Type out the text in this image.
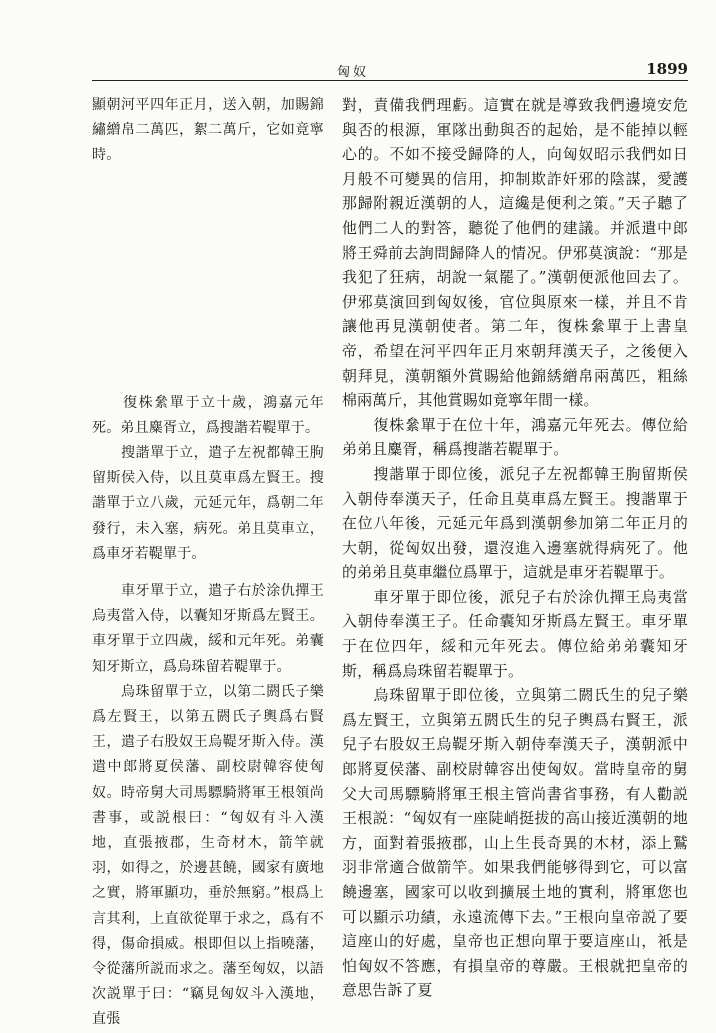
匈奴	1899

顯朝河平四年正月，送入朝，加賜錦繡繒帛二萬匹，絮二萬斤，它如竟寧時。

　　復株絫單于立十歲，鴻嘉元年死。弟且麋胥立，爲搜諧若鞮單于。

　　搜諧單于立，遣子左祝都韓王朐留斯侯入侍，以且莫車爲左賢王。搜諧單于立八歲，元延元年，爲朝二年發行，未入塞，病死。弟且莫車立，爲車牙若鞮單于。

　　車牙單于立，遣子右於涂仇撣王烏夷當入侍，以囊知牙斯爲左賢王。車牙單于立四歲，綏和元年死。弟囊知牙斯立，爲烏珠留若鞮單于。

　　烏珠留單于立，以第二閼氏子樂爲左賢王，以第五閼氏子輿爲右賢王，遣子右股奴王烏鞮牙斯入侍。漢遣中郎將夏侯藩、副校尉韓容使匈奴。時帝舅大司馬驃騎將軍王根領尚書事，或説根曰：“匈奴有斗入漢地，直張掖郡，生奇材木，箭竿就羽，如得之，於邊甚饒，國家有廣地之實，將軍顯功，垂於無窮。”根爲上言其利，上直欲從單于求之，爲有不得，傷命損威。根即但以上指曉藩，令從藩所説而求之。藩至匈奴，以語次説單于曰：“竊見匈奴斗入漢地，直張

對，責備我們理虧。這實在就是導致我們邊境安危與否的根源，軍隊出動與否的起始，是不能掉以輕心的。不如不接受歸降的人，向匈奴昭示我們如日月般不可變異的信用，抑制欺詐奸邪的陰謀，愛護那歸附親近漢朝的人，這纔是便利之策。”天子聽了他們二人的對答，聽從了他們的建議。并派遣中郎將王舜前去詢問歸降人的情况。伊邪莫演說：“那是我犯了狂病，胡說一氣罷了。”漢朝便派他回去了。伊邪莫演回到匈奴後，官位與原來一樣，并且不肯讓他再見漢朝使者。第二年，復株絫單于上書皇帝，希望在河平四年正月來朝拜漢天子，之後便入朝拜見，漢朝額外賞賜給他錦綉繒帛兩萬匹，粗絲棉兩萬斤，其他賞賜如竟寧年間一樣。

　　復株絫單于在位十年，鴻嘉元年死去。傳位給弟弟且麋胥，稱爲搜諧若鞮單于。

　　搜諧單于即位後，派兒子左祝都韓王朐留斯侯入朝侍奉漢天子，任命且莫車爲左賢王。搜諧單于在位八年後，元延元年爲到漢朝參加第二年正月的大朝，從匈奴出發，還沒進入邊塞就得病死了。他的弟弟且莫車繼位爲單于，這就是車牙若鞮單于。

　　車牙單于即位後，派兒子右於涂仇撣王烏夷當入朝侍奉漢王子。任命囊知牙斯爲左賢王。車牙單于在位四年，綏和元年死去。傳位給弟弟囊知牙斯，稱爲烏珠留若鞮單于。

　　烏珠留單于即位後，立與第二閼氏生的兒子樂爲左賢王，立與第五閼氏生的兒子輿爲右賢王，派兒子右股奴王烏鞮牙斯入朝侍奉漢天子，漢朝派中郎將夏侯藩、副校尉韓容出使匈奴。當時皇帝的舅父大司馬驃騎將軍王根主管尚書省事務，有人勸説王根説：“匈奴有一座陡峭挺拔的高山接近漢朝的地方，面對着張掖郡，山上生長奇異的木材，添上鷲羽非常適合做箭竿。如果我們能够得到它，可以富饒邊塞，國家可以收到擴展土地的實利，將軍您也可以顯示功績，永遠流傳下去。”王根向皇帝説了要這座山的好處，皇帝也正想向單于要這座山，衹是怕匈奴不答應，有損皇帝的尊嚴。王根就把皇帝的意思告訴了夏
